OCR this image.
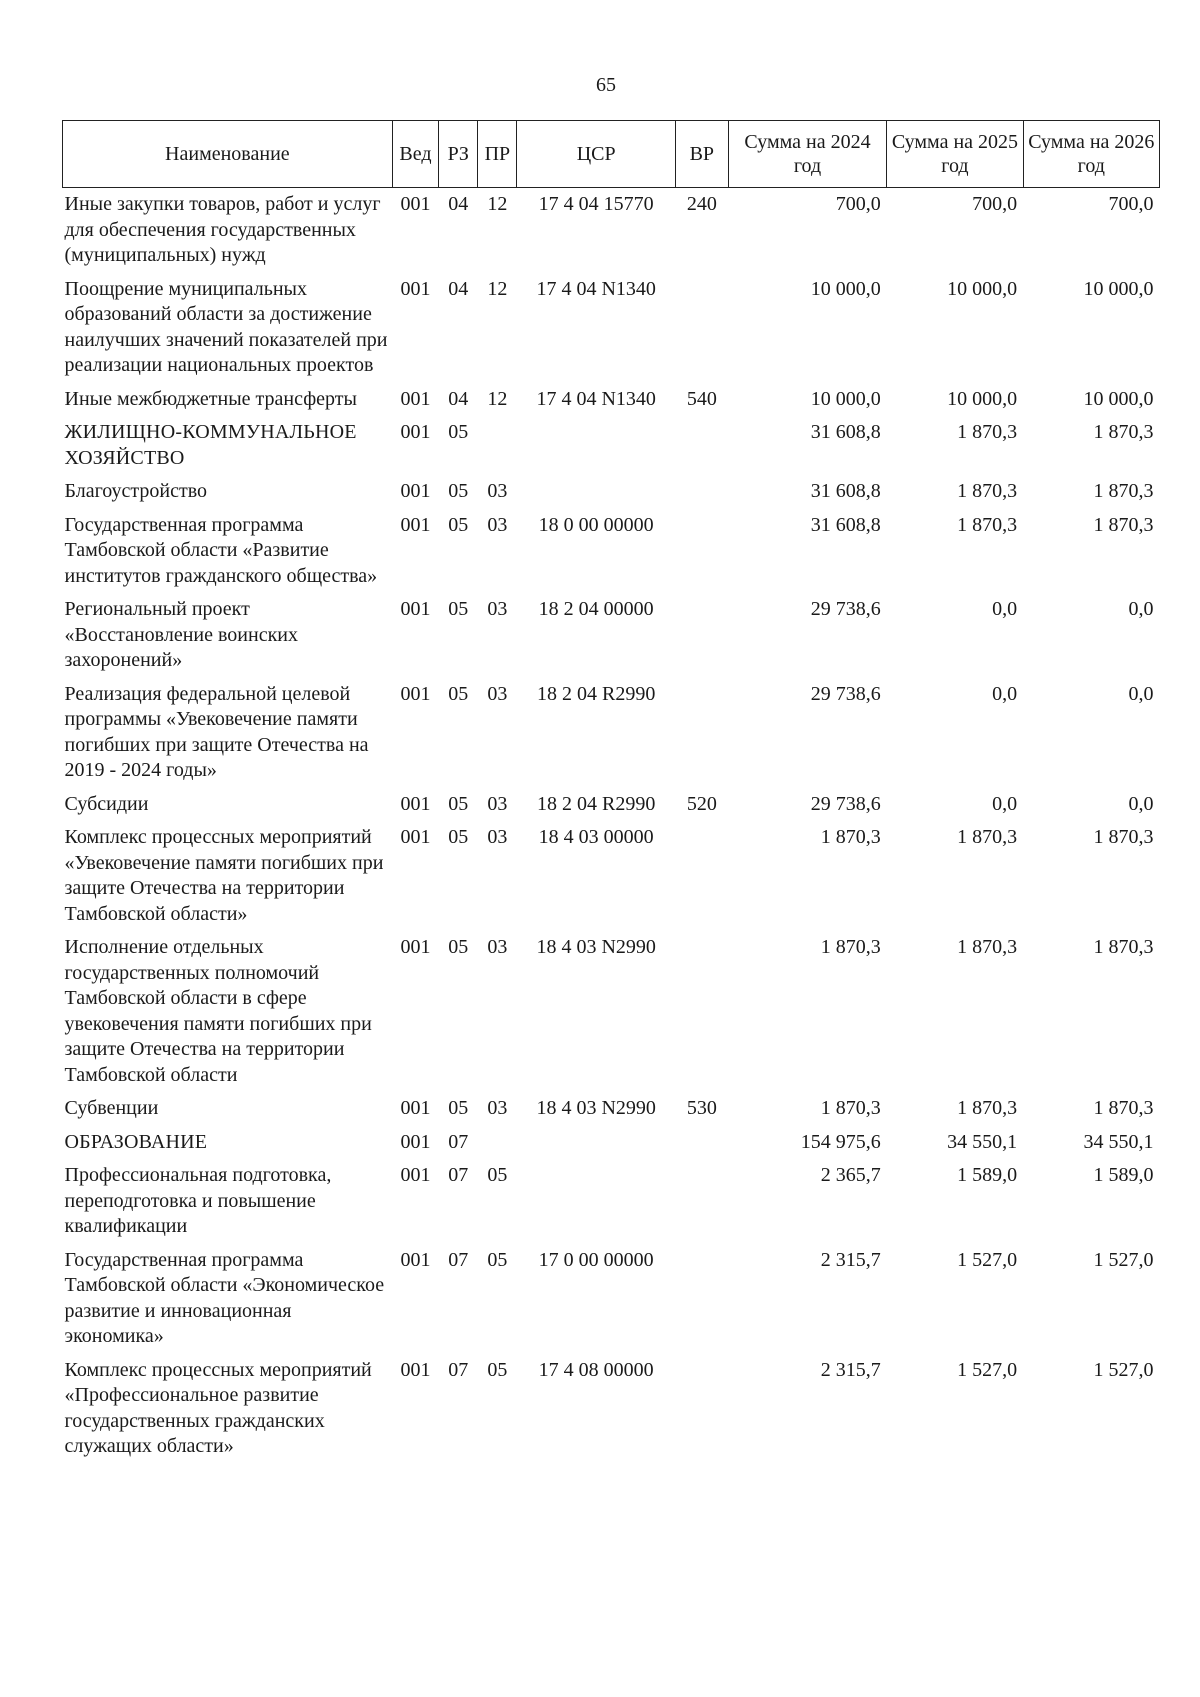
65
Наименование	Вед	РЗ	ПР	ЦСР	ВР	Сумма на 2024 год	Сумма на 2025 год	Сумма на 2026 год
Иные закупки товаров, работ и услуг для обеспечения государственных (муниципальных) нужд	001	04	12	17 4 04 15770	240	700,0	700,0	700,0
Поощрение муниципальных образований области за достижение наилучших значений показателей при реализации национальных проектов	001	04	12	17 4 04 N1340		10 000,0	10 000,0	10 000,0
Иные межбюджетные трансферты	001	04	12	17 4 04 N1340	540	10 000,0	10 000,0	10 000,0
ЖИЛИЩНО-КОММУНАЛЬНОЕ ХОЗЯЙСТВО	001	05				31 608,8	1 870,3	1 870,3
Благоустройство	001	05	03			31 608,8	1 870,3	1 870,3
Государственная программа Тамбовской области «Развитие институтов гражданского общества»	001	05	03	18 0 00 00000		31 608,8	1 870,3	1 870,3
Региональный проект «Восстановление воинских захоронений»	001	05	03	18 2 04 00000		29 738,6	0,0	0,0
Реализация федеральной целевой программы «Увековечение памяти погибших при защите Отечества на 2019 - 2024 годы»	001	05	03	18 2 04 R2990		29 738,6	0,0	0,0
Субсидии	001	05	03	18 2 04 R2990	520	29 738,6	0,0	0,0
Комплекс процессных мероприятий «Увековечение памяти погибших при защите Отечества на территории Тамбовской области»	001	05	03	18 4 03 00000		1 870,3	1 870,3	1 870,3
Исполнение отдельных государственных полномочий Тамбовской области в сфере увековечения памяти погибших при защите Отечества на территории Тамбовской области	001	05	03	18 4 03 N2990		1 870,3	1 870,3	1 870,3
Субвенции	001	05	03	18 4 03 N2990	530	1 870,3	1 870,3	1 870,3
ОБРАЗОВАНИЕ	001	07				154 975,6	34 550,1	34 550,1
Профессиональная подготовка, переподготовка и повышение квалификации	001	07	05			2 365,7	1 589,0	1 589,0
Государственная программа Тамбовской области «Экономическое развитие и инновационная экономика»	001	07	05	17 0 00 00000		2 315,7	1 527,0	1 527,0
Комплекс процессных мероприятий «Профессиональное развитие государственных гражданских служащих области»	001	07	05	17 4 08 00000		2 315,7	1 527,0	1 527,0
